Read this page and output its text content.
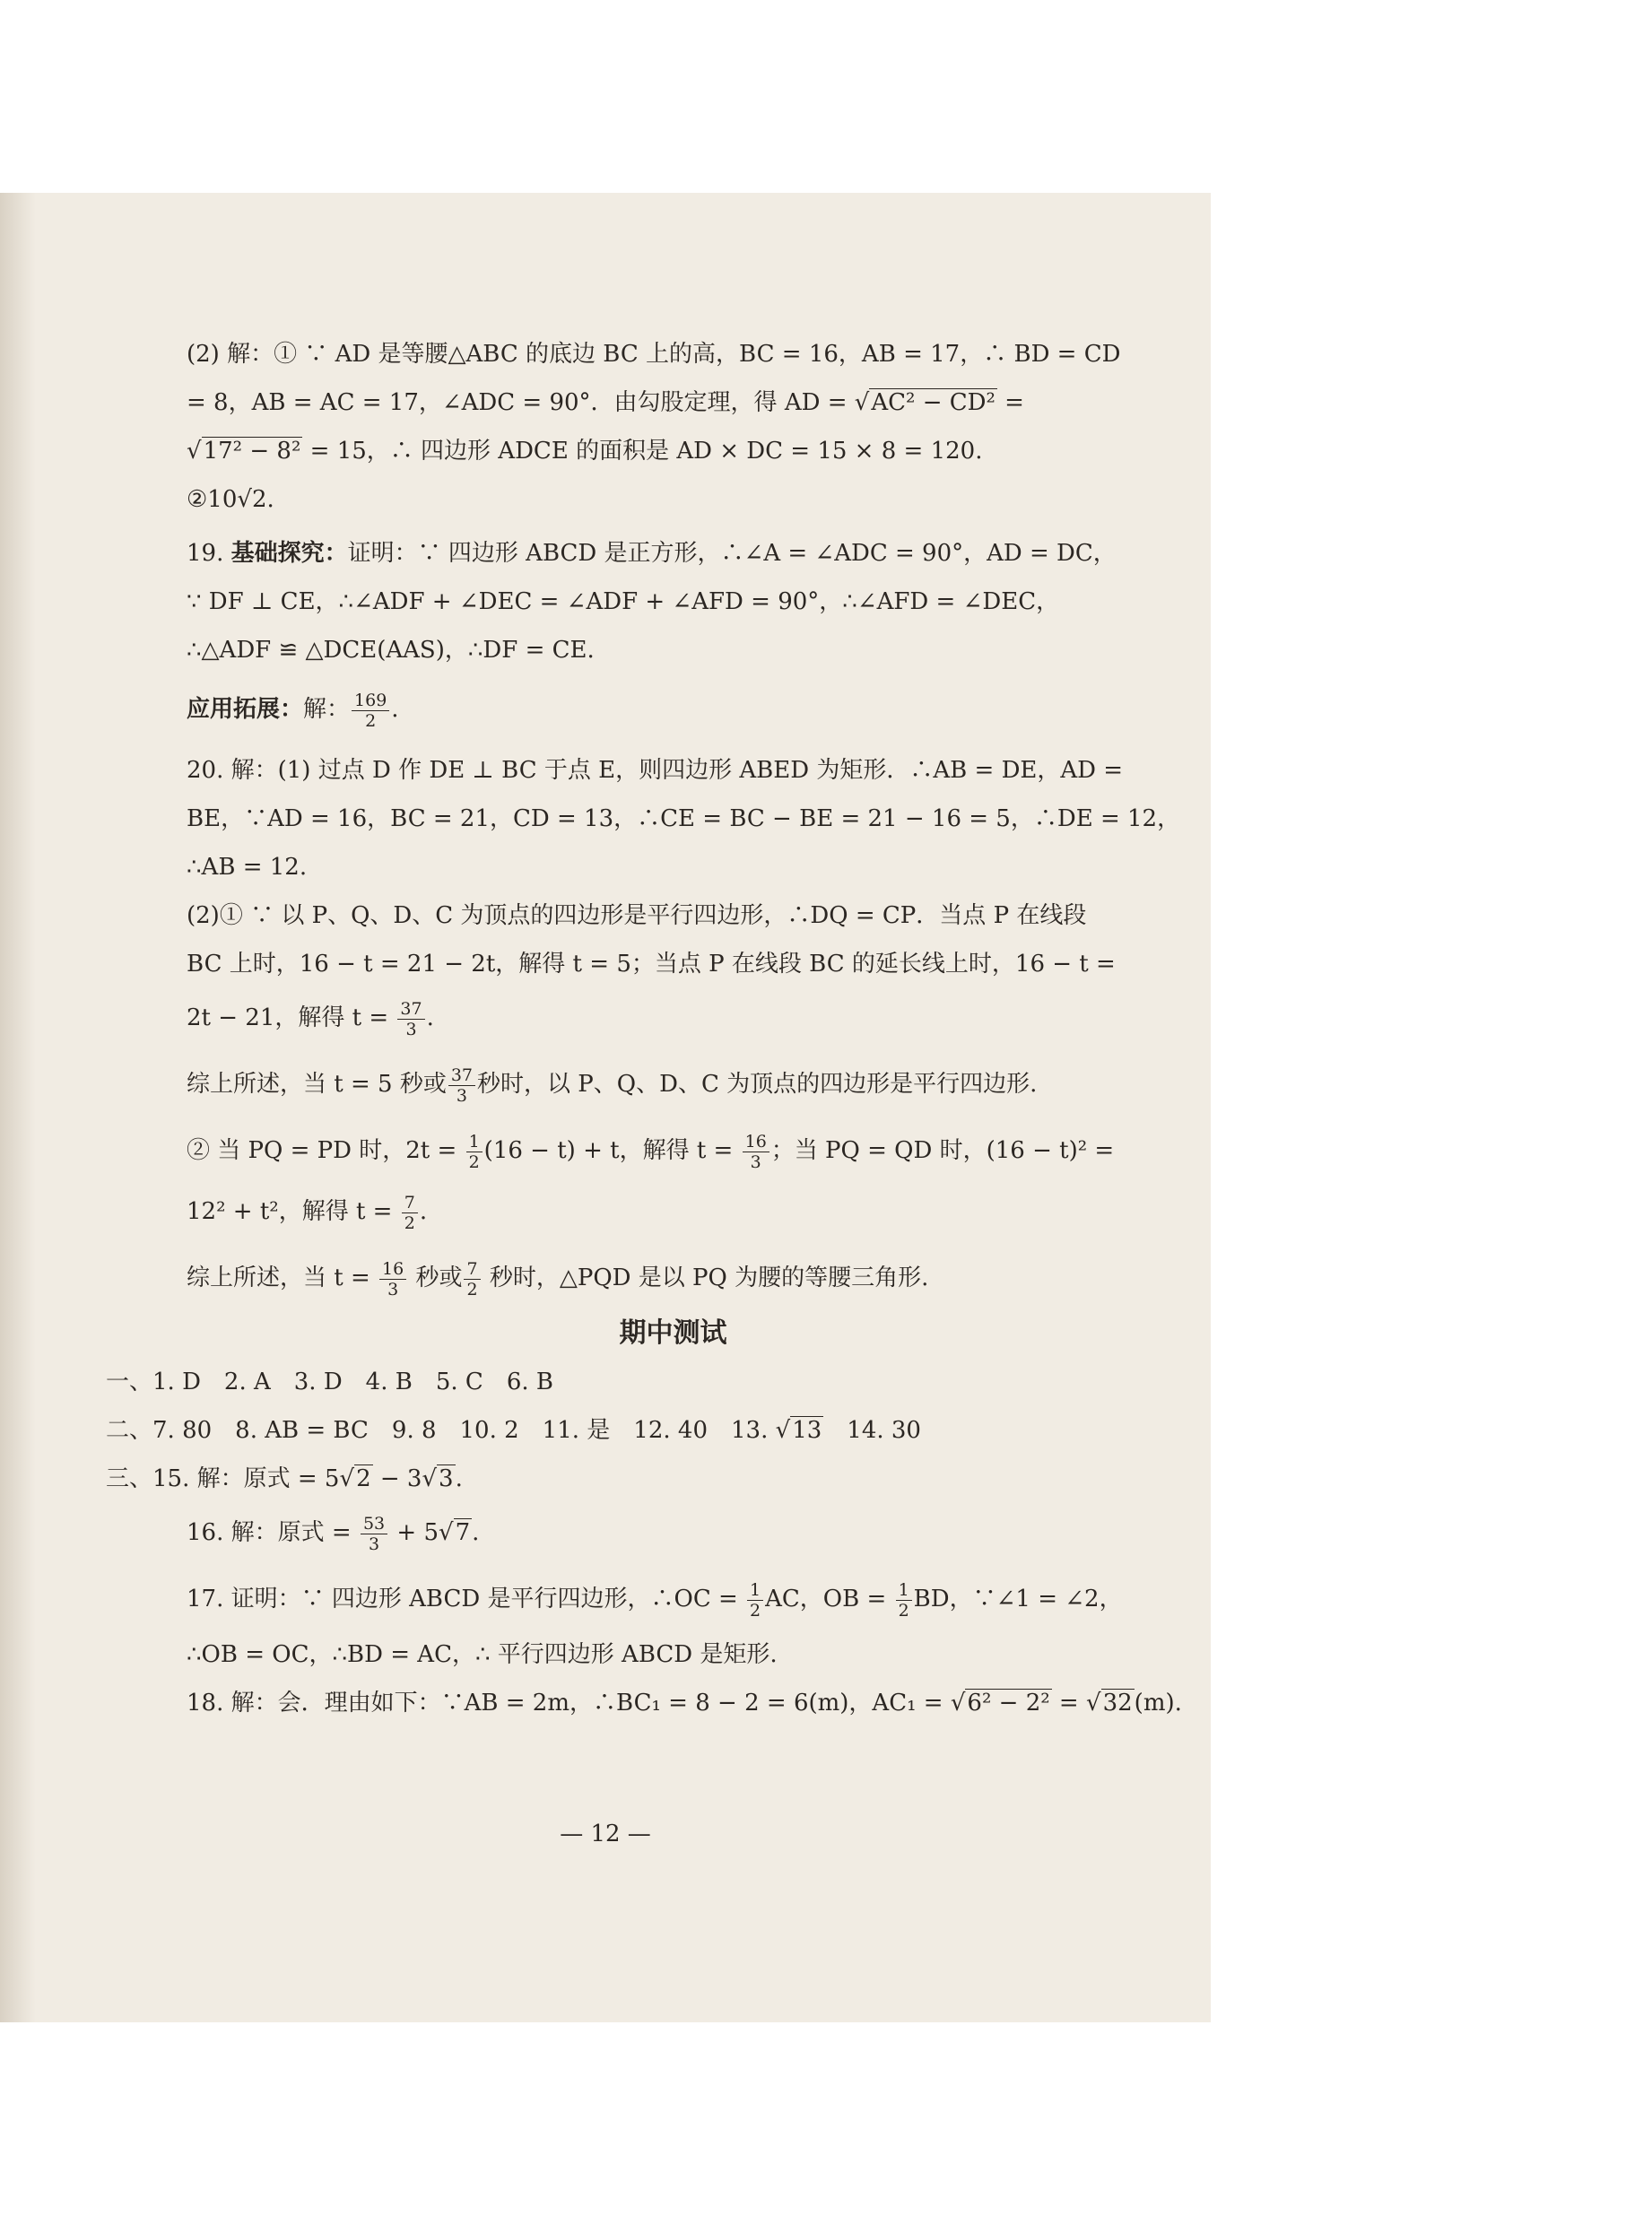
(2) 解：① ∵ AD 是等腰△ABC 的底边 BC 上的高，BC = 16，AB = 17，∴ BD = CD
= 8，AB = AC = 17，∠ADC = 90°．由勾股定理，得 AD = √AC² − CD² =
√17² − 8² = 15，∴ 四边形 ADCE 的面积是 AD × DC = 15 × 8 = 120.
②10√2.
19. 基础探究：证明：∵ 四边形 ABCD 是正方形，∴∠A = ∠ADC = 90°，AD = DC，
∵ DF ⊥ CE，∴∠ADF + ∠DEC = ∠ADF + ∠AFD = 90°，∴∠AFD = ∠DEC，
∴△ADF ≌ △DCE(AAS)，∴DF = CE.
应用拓展：解： $\frac{169}{2}$ .
20. 解：(1) 过点 D 作 DE ⊥ BC 于点 E，则四边形 ABED 为矩形．∴AB = DE，AD =
BE，∵AD = 16，BC = 21，CD = 13，∴CE = BC − BE = 21 − 16 = 5，∴DE = 12，
∴AB = 12.
(2)① ∵ 以 P、Q、D、C 为顶点的四边形是平行四边形，∴DQ = CP．当点 P 在线段
BC 上时，16 − t = 21 − 2t，解得 t = 5；当点 P 在线段 BC 的延长线上时，16 − t =
2t − 21，解得 $t = \frac{37}{3}$ .
综上所述，当 t = 5 秒或 $\frac{37}{3}$ 秒时，以 P、Q、D、C 为顶点的四边形是平行四边形.
② 当 PQ = PD 时，$2t = \frac{1}{2} (16 - t) + t$，解得 $t = \frac{16}{3}$ ；当 PQ = QD 时，(16 − t)² =
12² + t²，解得 $t = \frac{7}{2}$ .
综上所述，当 $t = \frac{16}{3}$ 秒或 $\frac{7}{2}$ 秒时，△PQD 是以 PQ 为腰的等腰三角形.
期中测试
一、1. D　2. A　3. D　4. B　5. C　6. B
二、7. 80　8. AB = BC　9. 8　10. 2　11. 是　12. 40　13. √13　14. 30
三、15. 解：原式 = 5√2 − 3√3.
16. 解：原式 = $\frac{53}{3} + 5√7$.
17. 证明：∵ 四边形 ABCD 是平行四边形，∴OC = $\frac{1}{2}$ AC，OB = $\frac{1}{2}$ BD，∵∠1 = ∠2，
∴OB = OC，∴BD = AC，∴ 平行四边形 ABCD 是矩形.
18. 解：会．理由如下：∵AB = 2m，∴BC₁ = 8 − 2 = 6(m)，AC₁ = √6² − 2² = √32(m).
— 12 —
